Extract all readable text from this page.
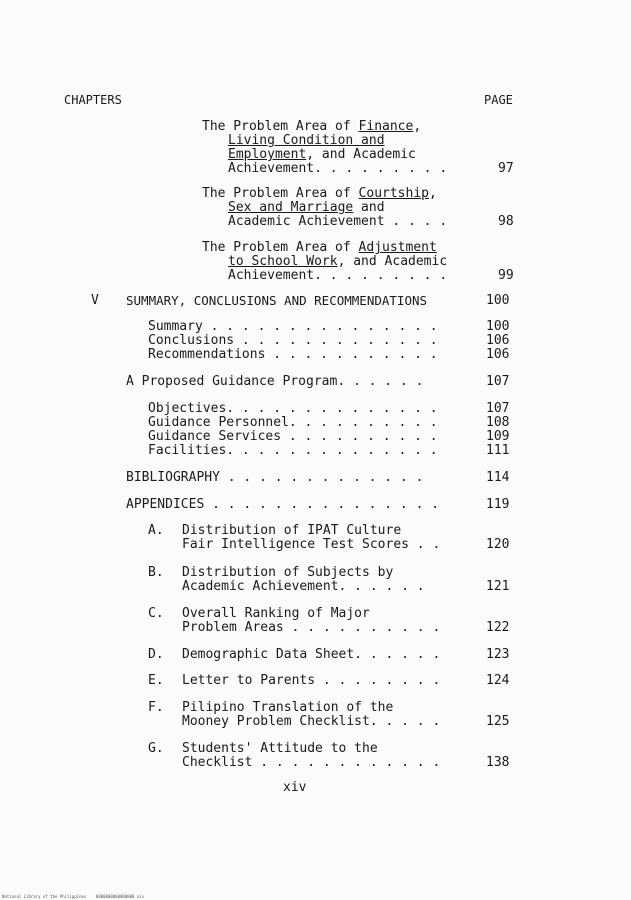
CHAPTERS	PAGE
The Problem Area of Finance,
Living Condition and
Employment, and Academic
Achievement. . . . . . . . .	97
The Problem Area of Courtship,
Sex and Marriage and
Academic Achievement . . . .	98
The Problem Area of Adjustment
to School Work, and Academic
Achievement. . . . . . . . .	99
V SUMMARY, CONCLUSIONS AND RECOMMENDATIONS	100
Summary . . . . . . . . . . . . . . .	100
Conclusions . . . . . . . . . . . . .	106
Recommendations . . . . . . . . . . .	106
A Proposed Guidance Program. . . . . .	107
Objectives. . . . . . . . . . . . . .	107
Guidance Personnel. . . . . . . . . .	108
Guidance Services . . . . . . . . . .	109
Facilities. . . . . . . . . . . . . .	111
BIBLIOGRAPHY . . . . . . . . . . . . .	114
APPENDICES . . . . . . . . . . . . . . .	119
A. Distribution of IPAT Culture
Fair Intelligence Test Scores . .	120
B. Distribution of Subjects by
Academic Achievement. . . . . .	121
C. Overall Ranking of Major
Problem Areas . . . . . . . . . .	122
D. Demographic Data Sheet. . . . . .	123
E. Letter to Parents . . . . . . . .	124
F. Pilipino Translation of the
Mooney Problem Checklist. . . . .	125
G. Students' Attitude to the
Checklist . . . . . . . . . . . .	138
xiv
National Library of the Philippines    0000000000000000 xiv
